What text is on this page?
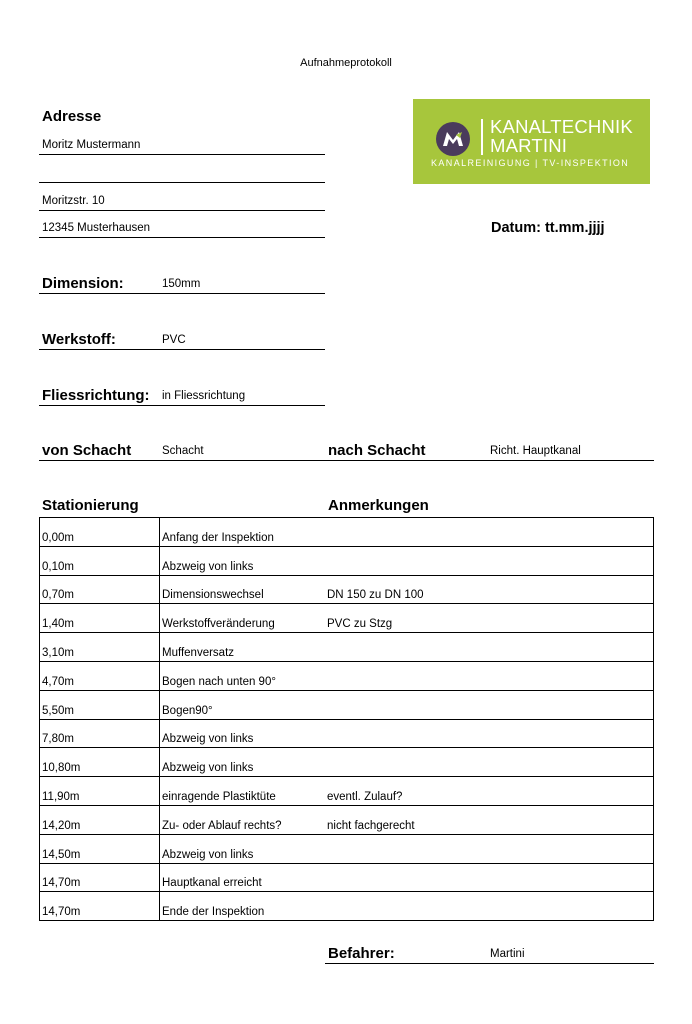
Aufnahmeprotokoll
Adresse
Moritz Mustermann
Moritzstr. 10
12345 Musterhausen
KANALTECHNIK
MARTINI
KANALREINIGUNG | TV-INSPEKTION
Datum: tt.mm.jjjj
Dimension:	150mm
Werkstoff:	PVC
Fliessrichtung: in Fliessrichtung
von Schacht	Schacht	nach Schacht	Richt. Hauptkanal
Stationierung	Anmerkungen
0,00m	Anfang der Inspektion	
0,10m	Abzweig von links	
0,70m	Dimensionswechsel	DN 150 zu DN 100
1,40m	Werkstoffveränderung	PVC zu Stzg
3,10m	Muffenversatz	
4,70m	Bogen nach unten 90°	
5,50m	Bogen90°	
7,80m	Abzweig von links	
10,80m	Abzweig von links	
11,90m	einragende Plastiktüte	eventl. Zulauf?
14,20m	Zu- oder Ablauf rechts?	nicht fachgerecht
14,50m	Abzweig von links	
14,70m	Hauptkanal erreicht	
14,70m	Ende der Inspektion	
Befahrer:	Martini
